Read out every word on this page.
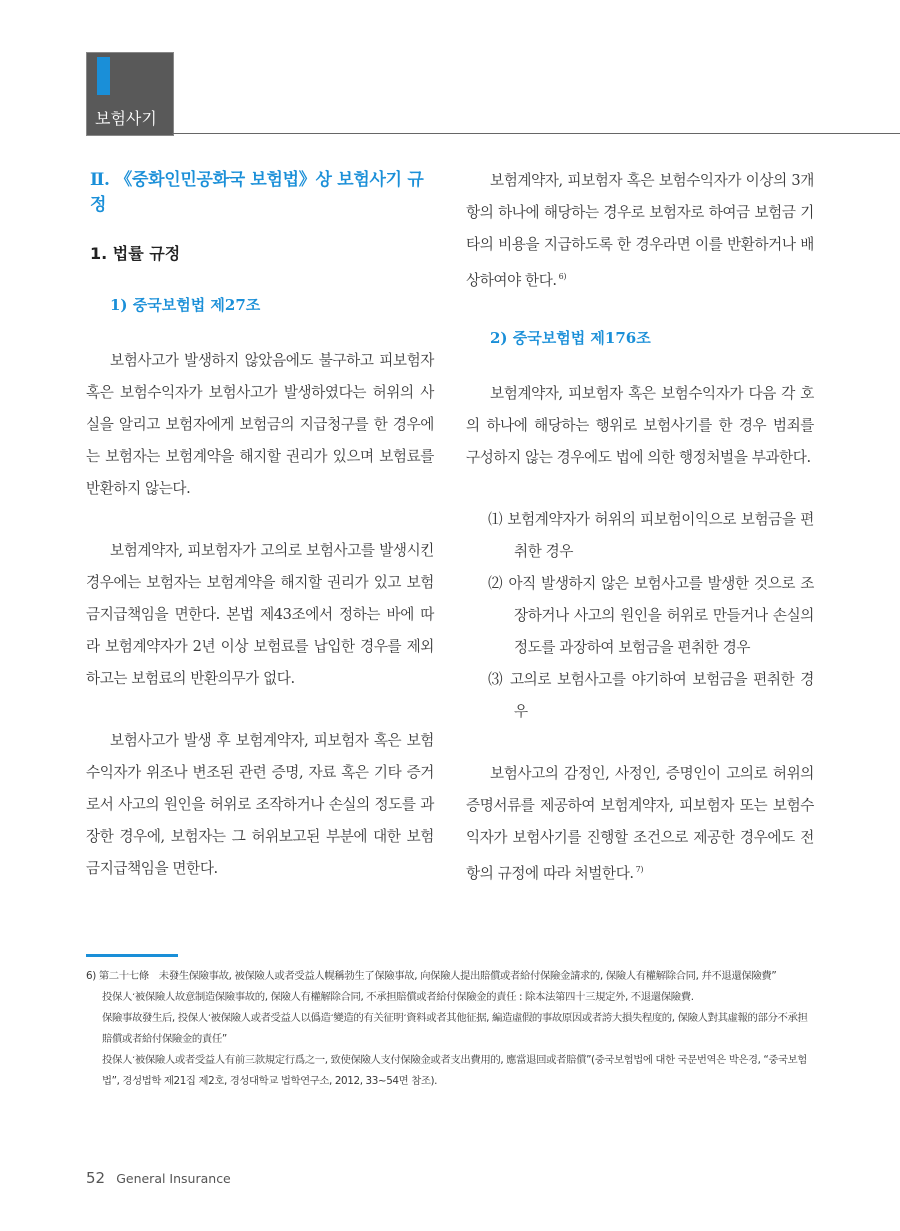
보험사기
Ⅱ. 《중화인민공화국 보험법》상 보험사기 규정
1. 법률 규정
1) 중국보험법 제27조

보험사고가 발생하지 않았음에도 불구하고 피보험자 혹은 보험수익자가 보험사고가 발생하였다는 허위의 사실을 알리고 보험자에게 보험금의 지급청구를 한 경우에는 보험자는 보험계약을 해지할 권리가 있으며 보험료를 반환하지 않는다.

보험계약자, 피보험자가 고의로 보험사고를 발생시킨 경우에는 보험자는 보험계약을 해지할 권리가 있고 보험금지급책임을 면한다. 본법 제43조에서 정하는 바에 따라 보험계약자가 2년 이상 보험료를 납입한 경우를 제외하고는 보험료의 반환의무가 없다.

보험사고가 발생 후 보험계약자, 피보험자 혹은 보험수익자가 위조나 변조된 관련 증명, 자료 혹은 기타 증거로서 사고의 원인을 허위로 조작하거나 손실의 정도를 과장한 경우에, 보험자는 그 허위보고된 부분에 대한 보험금지급책임을 면한다.

보험계약자, 피보험자 혹은 보험수익자가 이상의 3개 항의 하나에 해당하는 경우로 보험자로 하여금 보험금 기타의 비용을 지급하도록 한 경우라면 이를 반환하거나 배상하여야 한다. $^{6)}$

2) 중국보험법 제176조

보험계약자, 피보험자 혹은 보험수익자가 다음 각 호의 하나에 해당하는 행위로 보험사기를 한 경우 범죄를 구성하지 않는 경우에도 법에 의한 행정처벌을 부과한다.

⑴ 보험계약자가 허위의 피보험이익으로 보험금을 편취한 경우
⑵ 아직 발생하지 않은 보험사고를 발생한 것으로 조장하거나 사고의 원인을 허위로 만들거나 손실의 정도를 과장하여 보험금을 편취한 경우
⑶ 고의로 보험사고를 야기하여 보험금을 편취한 경우

보험사고의 감정인, 사정인, 증명인이 고의로 허위의 증명서류를 제공하여 보험계약자, 피보험자 또는 보험수익자가 보험사기를 진행할 조건으로 제공한 경우에도 전항의 규정에 따라 처벌한다. $^{7)}$

6) 第二十七條　未發生保險事故, 被保險人或者受益人幌稱勃生了保險事故, 向保險人提出賠償或者給付保險金請求的, 保險人有權解除合同, 幷不退還保險費”

投保人 ̒被保險人故意制造保險事故的, 保險人有權解除合同, 不承担賠償或者給付保險金的責任 : 除本法第四十三規定外, 不退還保險費.

保險事故發生后, 投保人 ̒被保險人或者受益人以僞造 ̒變造的有关征明 ̒資料或者其他征据, 編造虛假的事故原因或者誇大損失程度的, 保險人對其虛報的部分不承担賠償或者給付保險金的責任”

投保人 ̒被保險人或者受益人有前三款規定行爲之一, 致使保險人支付保險金或者支出費用的, 應當退回或者賠償”(중국보험법에 대한 국문번역은 박은경, “중국보험법”, 경성법학 제21집 제2호, 경성대학교 법학연구소, 2012, 33~54면 참조).

52 General Insurance
